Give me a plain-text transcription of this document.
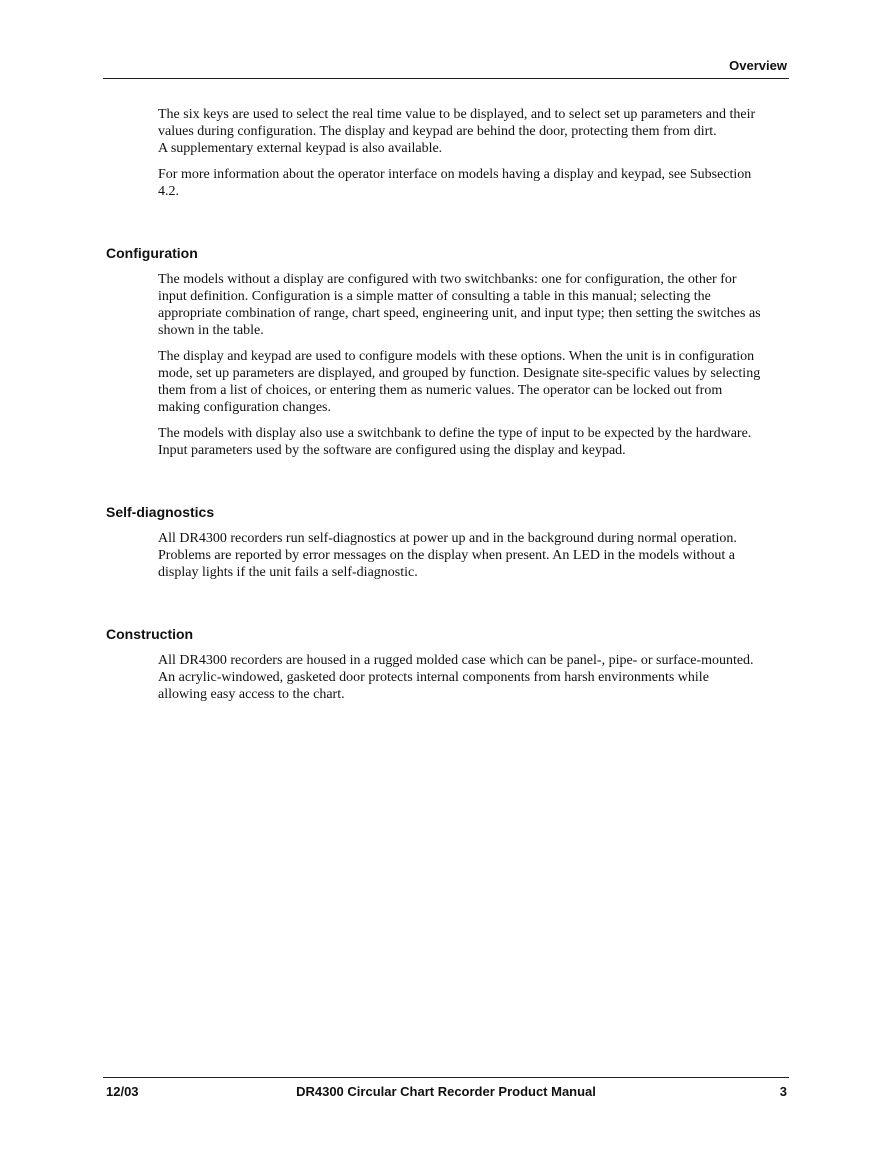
Overview

The six keys are used to select the real time value to be displayed, and to select set up parameters and their
values during configuration. The display and keypad are behind the door, protecting them from dirt.
A supplementary external keypad is also available.

For more information about the operator interface on models having a display and keypad, see Subsection
4.2.

Configuration

The models without a display are configured with two switchbanks: one for configuration, the other for
input definition. Configuration is a simple matter of consulting a table in this manual; selecting the
appropriate combination of range, chart speed, engineering unit, and input type; then setting the switches as
shown in the table.

The display and keypad are used to configure models with these options. When the unit is in configuration
mode, set up parameters are displayed, and grouped by function. Designate site-specific values by selecting
them from a list of choices, or entering them as numeric values. The operator can be locked out from
making configuration changes.

The models with display also use a switchbank to define the type of input to be expected by the hardware.
Input parameters used by the software are configured using the display and keypad.

Self-diagnostics

All DR4300 recorders run self-diagnostics at power up and in the background during normal operation.
Problems are reported by error messages on the display when present. An LED in the models without a
display lights if the unit fails a self-diagnostic.

Construction

All DR4300 recorders are housed in a rugged molded case which can be panel-, pipe- or surface-mounted.
An acrylic-windowed, gasketed door protects internal components from harsh environments while
allowing easy access to the chart.

12/03	DR4300 Circular Chart Recorder Product Manual	3
